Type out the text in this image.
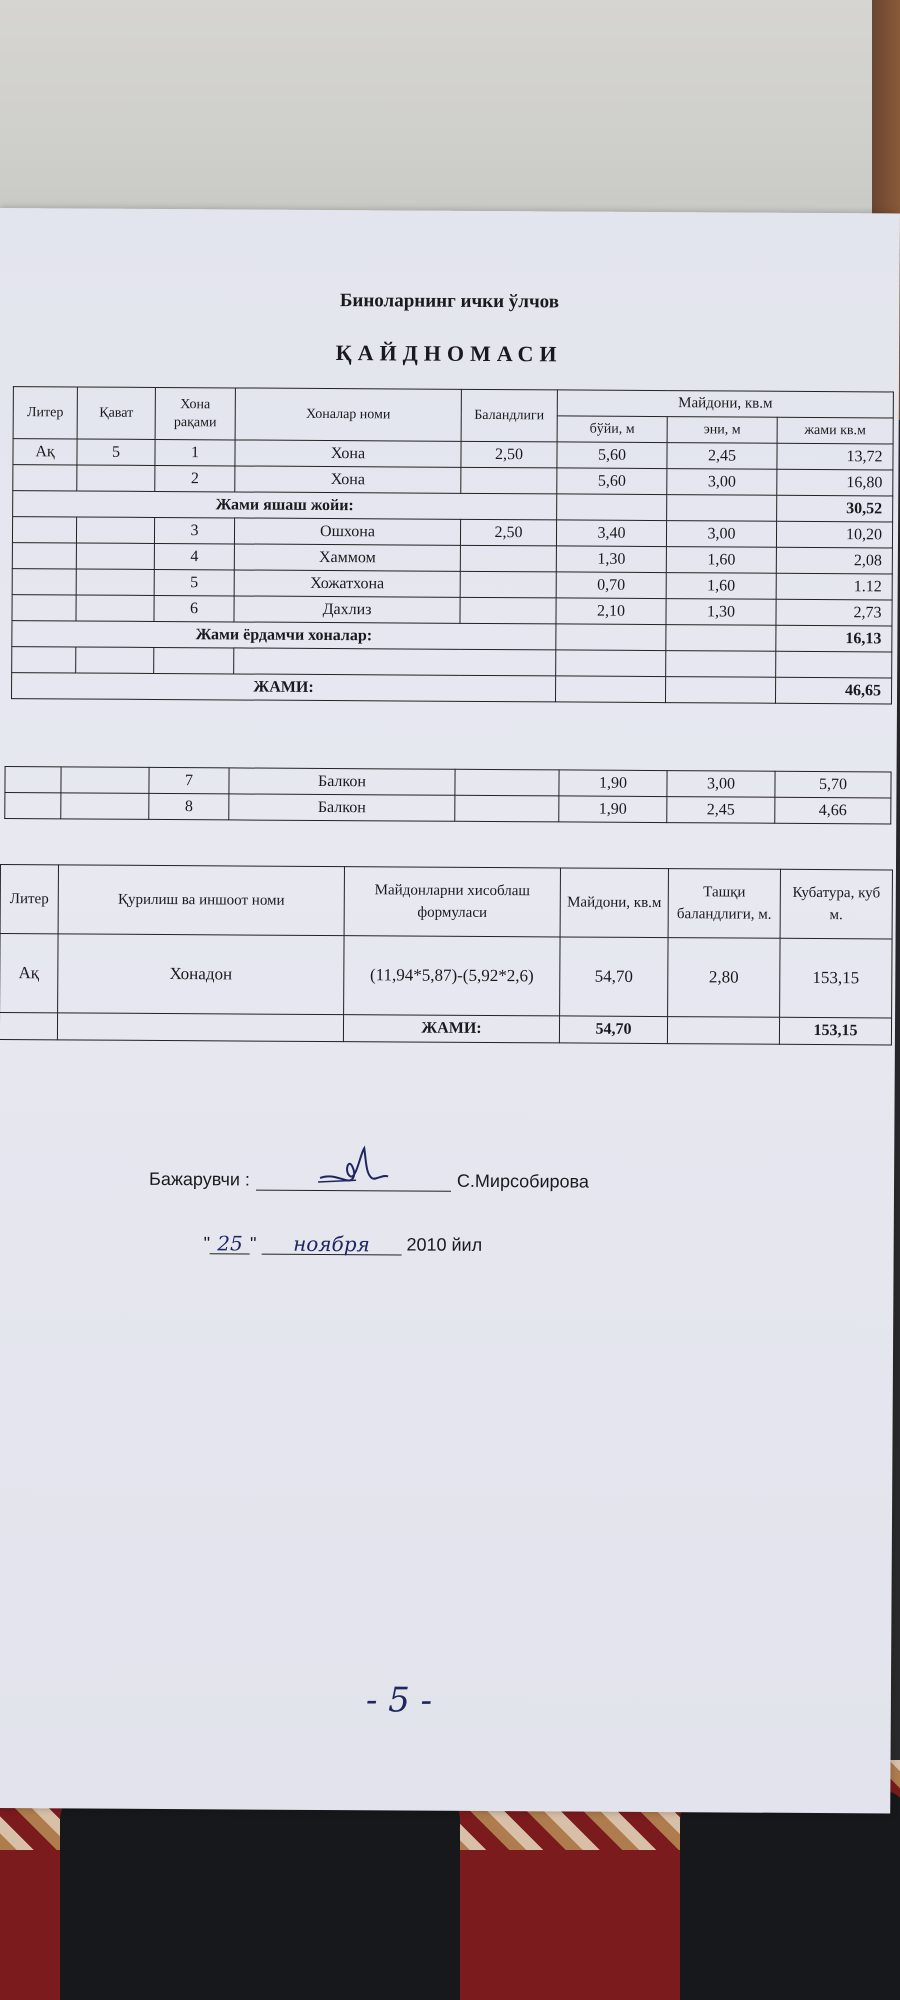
Биноларнинг ички ўлчов
ҚАЙДНОМАСИ
Литер	Қават	Хона рақами	Хоналар номи	Баландлиги	Майдони, кв.м		
					бўйи, м	эни, м	жами кв.м
Aқ	5	1	Хона	2,50	5,60	2,45	13,72
		2	Хона		5,60	3,00	16,80
Жами яшаш жойи:							30,52
		3	Ошхона	2,50	3,40	3,00	10,20
		4	Хаммом		1,30	1,60	2,08
		5	Хожатхона		0,70	1,60	1.12
		6	Дахлиз		2,10	1,30	2,73
Жами ёрдамчи хоналар:							16,13

ЖАМИ:							46,65
		7	Балкон		1,90	3,00	5,70
		8	Балкон		1,90	2,45	4,66
Литер	Қурилиш ва иншоот номи	Майдонларни хисоблаш формуласи	Майдони, кв.м	Ташқи баландлиги, м.	Кубатура, куб м.
Aқ	Хонадон	(11,94*5,87)-(5,92*2,6)	54,70	2,80	153,15
		ЖАМИ:	54,70		153,15
Бажарувчи :	С.Мирсобирова
" 25 " ноября 2010 йил
- 5 -
